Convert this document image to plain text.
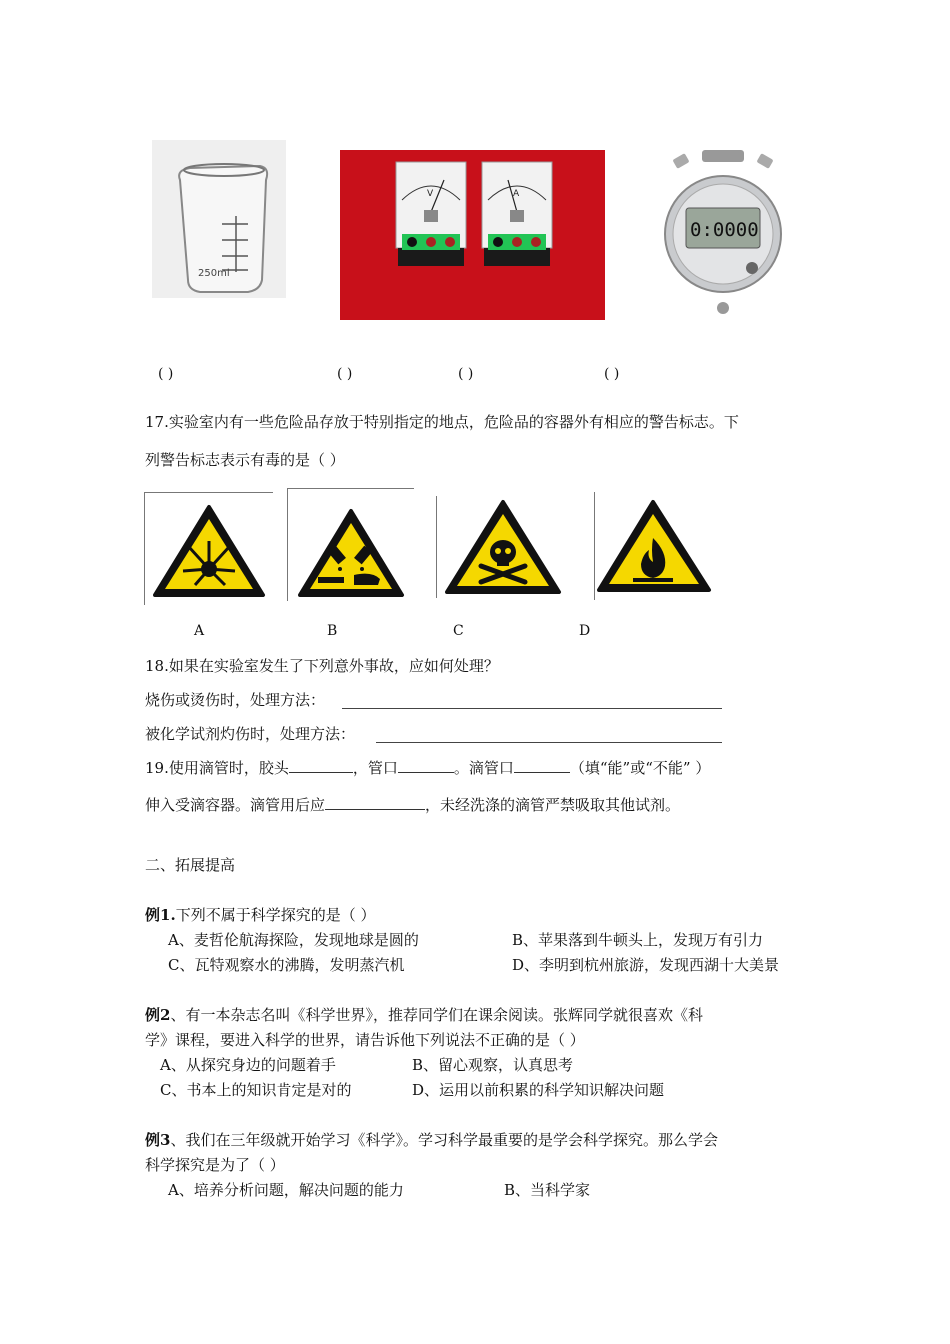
250ml
V	A
0:0000
( )	( )	( )	( )
17.实验室内有一些危险品存放于特别指定的地点，危险品的容器外有相应的警告标志。下
列警告标志表示有毒的是（ ）
A	B	C	D
18.如果在实验室发生了下列意外事故，应如何处理？
烧伤或烫伤时，处理方法：
被化学试剂灼伤时，处理方法：
19.使用滴管时，胶头	，管口	。滴管口	（填“能”或“不能” ）
伸入受滴容器。滴管用后应	，未经洗涤的滴管严禁吸取其他试剂。
二、拓展提高
例1.下列不属于科学探究的是（ ）
A、麦哲伦航海探险，发现地球是圆的	B、苹果落到牛顿头上，发现万有引力
C、瓦特观察水的沸腾，发明蒸汽机	D、李明到杭州旅游，发现西湖十大美景
例2、有一本杂志名叫《科学世界》，推荐同学们在课余阅读。张辉同学就很喜欢《科
学》课程，要进入科学的世界，请告诉他下列说法不正确的是（ ）
A、从探究身边的问题着手	B、留心观察，认真思考
C、书本上的知识肯定是对的	D、运用以前积累的科学知识解决问题
例3、我们在三年级就开始学习《科学》。学习科学最重要的是学会科学探究。那么学会
科学探究是为了（ ）
A、培养分析问题，解决问题的能力	B、当科学家
